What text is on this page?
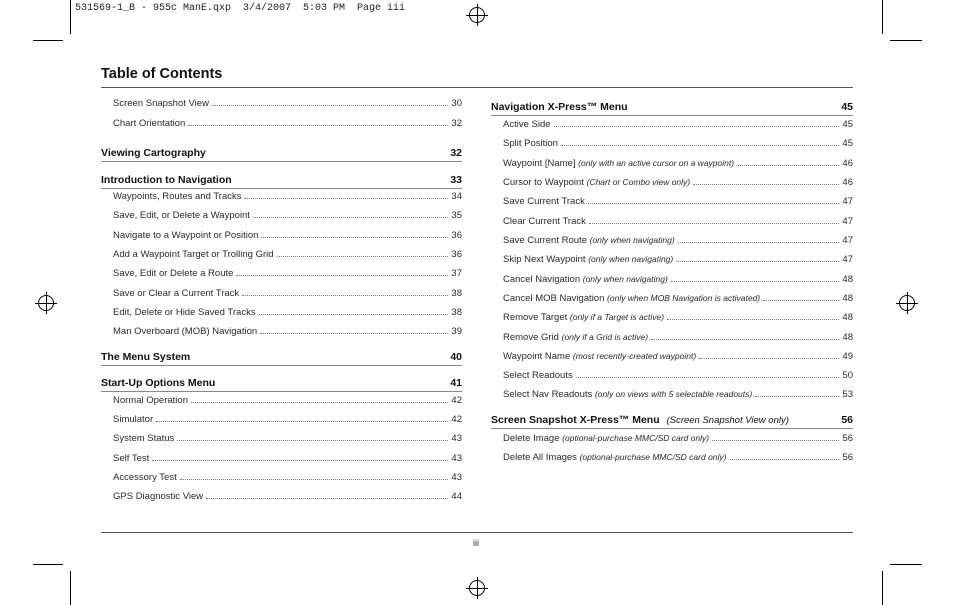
531569-1_B - 955c ManE.qxp  3/4/2007  5:03 PM  Page iii
Table of Contents
Screen Snapshot View	30
Chart Orientation	32
Viewing Cartography	32
Introduction to Navigation	33
Waypoints, Routes and Tracks	34
Save, Edit, or Delete a Waypoint	35
Navigate to a Waypoint or Position	36
Add a Waypoint Target or Trolling Grid	36
Save, Edit or Delete a Route	37
Save or Clear a Current Track	38
Edit, Delete or Hide Saved Tracks	38
Man Overboard (MOB) Navigation	39
The Menu System	40
Start-Up Options Menu	41
Normal Operation	42
Simulator	42
System Status	43
Self Test	43
Accessory Test	43
GPS Diagnostic View	44
Navigation X-Press™ Menu	45
Active Side	45
Split Position	45
Waypoint [Name] (only with an active cursor on a waypoint)	46
Cursor to Waypoint (Chart or Combo view only)	46
Save Current Track	47
Clear Current Track	47
Save Current Route (only when navigating)	47
Skip Next Waypoint (only when navigating)	47
Cancel Navigation (only when navigating)	48
Cancel MOB Navigation (only when MOB Navigation is activated)	48
Remove Target (only if a Target is active)	48
Remove Grid (only if a Grid is active)	48
Waypoint Name (most recently-created waypoint)	49
Select Readouts	50
Select Nav Readouts (only on views with 5 selectable readouts)	53
Screen Snapshot X-Press™ Menu (Screen Snapshot View only)	56
Delete Image (optional-purchase MMC/SD card only)	56
Delete All Images (optional-purchase MMC/SD card only)	56
iii
